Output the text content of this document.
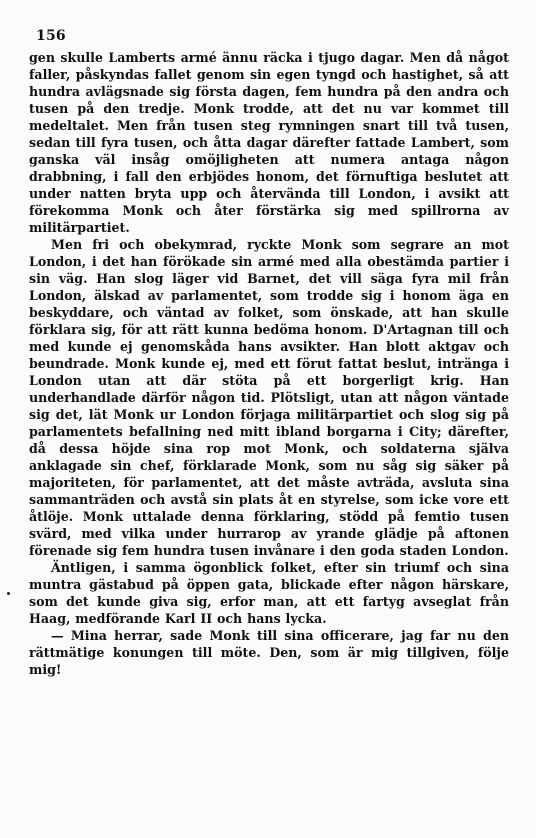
156

gen skulle Lamberts armé ännu räcka i tjugo dagar. Men då något faller, påskyndas fallet genom sin egen tyngd och hastighet, så att hundra avlägsnade sig första dagen, fem hundra på den andra och tusen på den tredje. Monk trodde, att det nu var kommet till medeltalet. Men från tusen steg rymningen snart till två tusen, sedan till fyra tusen, och åtta dagar därefter fattade Lambert, som ganska väl insåg omöjligheten att numera antaga någon drabbning, i fall den erbjödes honom, det förnuftiga beslutet att under natten bryta upp och återvända till London, i avsikt att förekomma Monk och åter förstärka sig med spillrorna av militärpartiet.

Men fri och obekymrad, ryckte Monk som segrare an mot London, i det han förökade sin armé med alla obestämda partier i sin väg. Han slog läger vid Barnet, det vill säga fyra mil från London, älskad av parlamentet, som trodde sig i honom äga en beskyddare, och väntad av folket, som önskade, att han skulle förklara sig, för att rätt kunna bedöma honom. D'Artagnan till och med kunde ej genomskåda hans avsikter. Han blott aktgav och beundrade. Monk kunde ej, med ett förut fattat beslut, inträngа i London utan att där stöta på ett borgerligt krig. Han underhandlade därför någon tid. Plötsligt, utan att någon väntade sig det, lät Monk ur London förjaga militärpartiet och slog sig på parlamentets befallning ned mitt ibland borgarna i City; därefter, då dessa höjde sina rop mot Monk, och soldaterna själva anklagade sin chef, förklarade Monk, som nu såg sig säker på majoriteten, för parlamentet, att det måste avträda, avsluta sina sammanträden och avstå sin plats åt en styrelse, som icke vore ett åtlöje. Monk uttalade denna förklaring, stödd på femtio tusen svärd, med vilka under hurrarop av yrande glädje på aftonen förenade sig fem hundra tusen invånare i den goda staden London.

Äntligen, i samma ögonblick folket, efter sin triumf och sina muntra gästabud på öppen gata, blickade efter någon härskare, som det kunde giva sig, erfor man, att ett fartyg avseglat från Haag, medförande Karl II och hans lycka.

— Mina herrar, sade Monk till sina officerare, jag far nu den rättmätige konungen till möte. Den, som är mig tillgiven, följe mig!
